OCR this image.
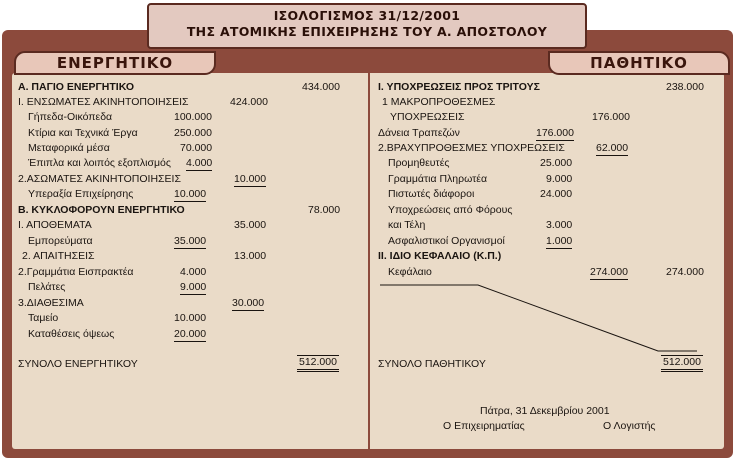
ΙΣΟΛΟΓΙΣΜΟΣ 31/12/2001
ΤΗΣ ΑΤΟΜΙΚΗΣ ΕΠΙΧΕΙΡΗΣΗΣ ΤΟΥ Α. ΑΠΟΣΤΟΛΟΥ
ΕΝΕΡΓΗΤΙΚΟ	ΠΑΘΗΤΙΚΟ
Α. ΠΑΓΙΟ ΕΝΕΡΓΗΤΙΚΟ	434.000
Ι. ΕΝΣΩΜΑΤΕΣ ΑΚΙΝΗΤΟΠΟΙΗΣΕΙΣ	424.000
Γήπεδα-Οικόπεδα	100.000
Κτίρια και Τεχνικά Έργα	250.000
Μεταφορικά μέσα	70.000
Έπιπλα και λοιπός εξοπλισμός 4.000
2.ΑΣΩΜΑΤΕΣ ΑΚΙΝΗΤΟΠΟΙΗΣΕΙΣ	10.000
Υπεραξία Επιχείρησης	10.000
Β. ΚΥΚΛΟΦΟΡΟΥΝ ΕΝΕΡΓΗΤΙΚΟ	78.000
Ι. ΑΠΟΘΕΜΑΤΑ	35.000
Εμπορεύματα	35.000
2. ΑΠΑΙΤΗΣΕΙΣ	13.000
2.Γραμμάτια Εισπρακτέα	4.000
Πελάτες	9.000
3.ΔΙΑΘΕΣΙΜΑ	30.000
Ταμείο	10.000
Καταθέσεις όψεως	20.000
ΣΥΝΟΛΟ ΕΝΕΡΓΗΤΙΚΟΥ	512.000
Ι. ΥΠΟΧΡΕΩΣΕΙΣ ΠΡΟΣ ΤΡΙΤΟΥΣ	238.000
1 ΜΑΚΡΟΠΡΟΘΕΣΜΕΣ
ΥΠΟΧΡΕΩΣΕΙΣ	176.000
Δάνεια Τραπεζών	176.000
2.ΒΡΑΧΥΠΡΟΘΕΣΜΕΣ ΥΠΟΧΡΕΩΣΕΙΣ	62.000
Προμηθευτές	25.000
Γραμμάτια Πληρωτέα	9.000
Πιστωτές διάφοροι	24.000
Υποχρεώσεις από Φόρους
και Τέλη	3.000
Ασφαλιστικοί Οργανισμοί	1.000
ΙΙ. ΙΔΙΟ ΚΕΦΑΛΑΙΟ (Κ.Π.)
Κεφάλαιο	274.000	274.000
ΣΥΝΟΛΟ ΠΑΘΗΤΙΚΟΥ	512.000
Πάτρα, 31 Δεκεμβρίου 2001
Ο Επιχειρηματίας	Ο Λογιστής
